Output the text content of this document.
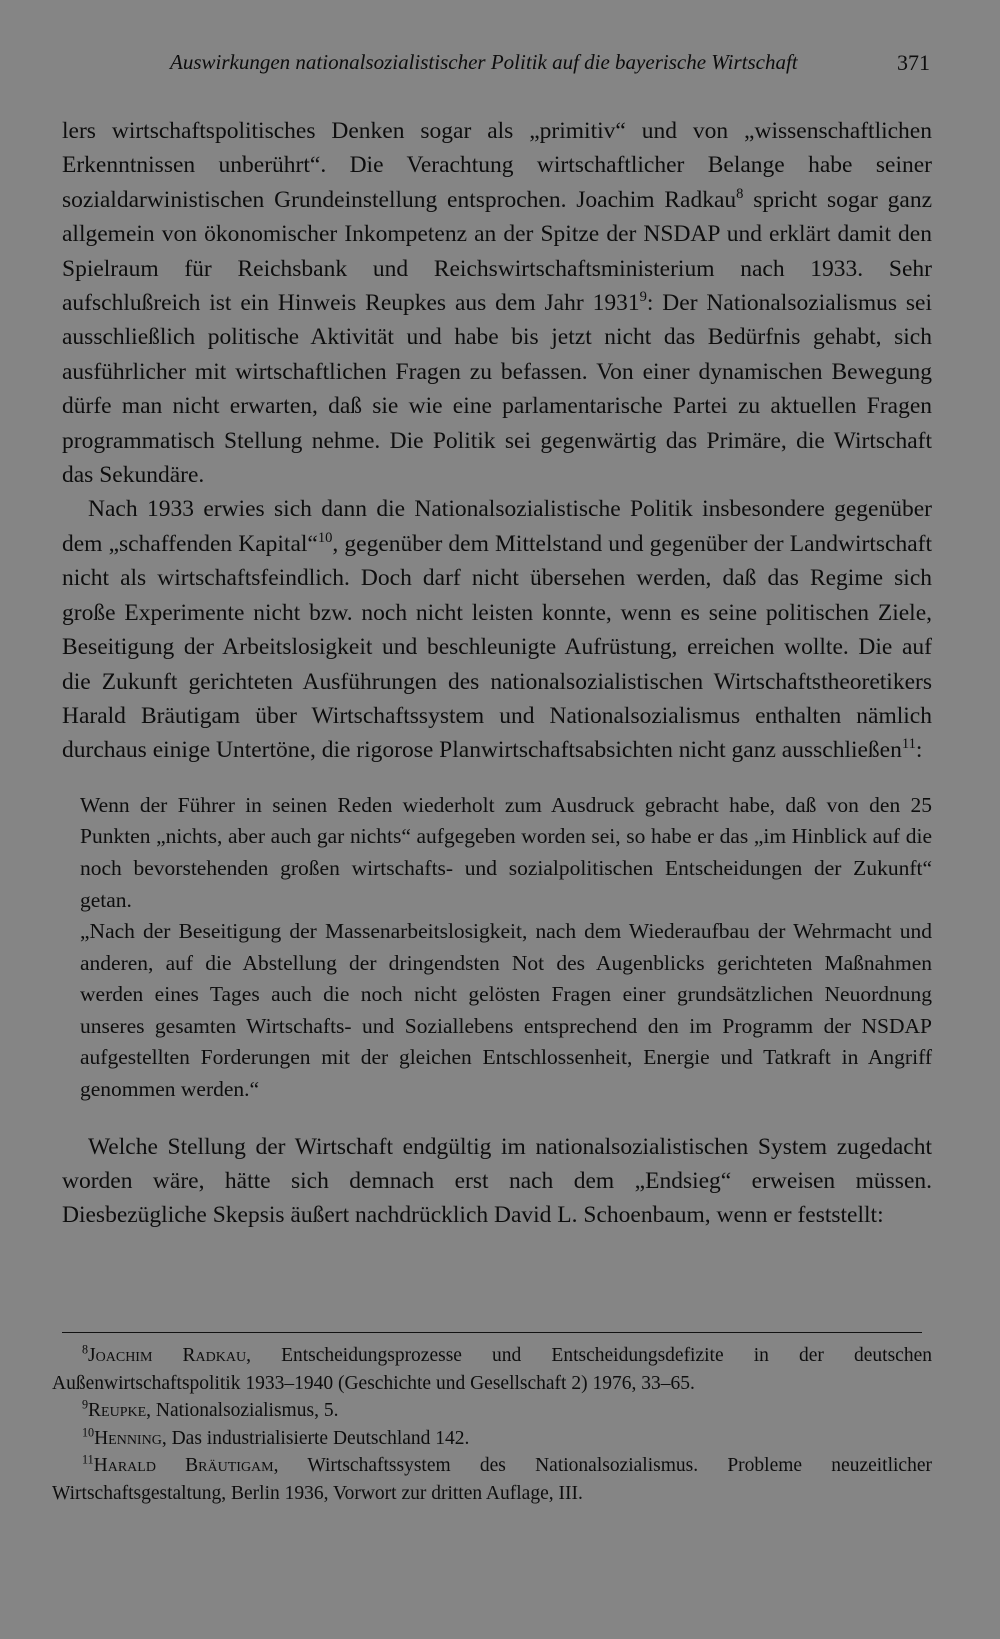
Auswirkungen nationalsozialistischer Politik auf die bayerische Wirtschaft	371

lers wirtschaftspolitisches Denken sogar als „primitiv“ und von „wissenschaftlichen Erkenntnissen unberührt“. Die Verachtung wirtschaftlicher Belange habe seiner sozialdarwinistischen Grundeinstellung entsprochen. Joachim Radkau$^8$ spricht sogar ganz allgemein von ökonomischer Inkompetenz an der Spitze der NSDAP und erklärt damit den Spielraum für Reichsbank und Reichswirtschaftsministerium nach 1933. Sehr aufschlußreich ist ein Hinweis Reupkes aus dem Jahr 1931$^9$: Der Nationalsozialismus sei ausschließlich politische Aktivität und habe bis jetzt nicht das Bedürfnis gehabt, sich ausführlicher mit wirtschaftlichen Fragen zu befassen. Von einer dynamischen Bewegung dürfe man nicht erwarten, daß sie wie eine parlamentarische Partei zu aktuellen Fragen programmatisch Stellung nehme. Die Politik sei gegenwärtig das Primäre, die Wirtschaft das Sekundäre.

Nach 1933 erwies sich dann die Nationalsozialistische Politik insbesondere gegenüber dem „schaffenden Kapital“$^{10}$, gegenüber dem Mittelstand und gegenüber der Landwirtschaft nicht als wirtschaftsfeindlich. Doch darf nicht übersehen werden, daß das Regime sich große Experimente nicht bzw. noch nicht leisten konnte, wenn es seine politischen Ziele, Beseitigung der Arbeitslosigkeit und beschleunigte Aufrüstung, erreichen wollte. Die auf die Zukunft gerichteten Ausführungen des nationalsozialistischen Wirtschaftstheoretikers Harald Bräutigam über Wirtschaftssystem und Nationalsozialismus enthalten nämlich durchaus einige Untertöne, die rigorose Planwirtschaftsabsichten nicht ganz ausschließen$^{11}$:

Wenn der Führer in seinen Reden wiederholt zum Ausdruck gebracht habe, daß von den 25 Punkten „nichts, aber auch gar nichts“ aufgegeben worden sei, so habe er das „im Hinblick auf die noch bevorstehenden großen wirtschafts- und sozialpolitischen Entscheidungen der Zukunft“ getan.

„Nach der Beseitigung der Massenarbeitslosigkeit, nach dem Wiederaufbau der Wehrmacht und anderen, auf die Abstellung der dringendsten Not des Augenblicks gerichteten Maßnahmen werden eines Tages auch die noch nicht gelösten Fragen einer grundsätzlichen Neuordnung unseres gesamten Wirtschafts- und Soziallebens entsprechend den im Programm der NSDAP aufgestellten Forderungen mit der gleichen Entschlossenheit, Energie und Tatkraft in Angriff genommen werden.“

Welche Stellung der Wirtschaft endgültig im nationalsozialistischen System zugedacht worden wäre, hätte sich demnach erst nach dem „Endsieg“ erweisen müssen. Diesbezügliche Skepsis äußert nachdrücklich David L. Schoenbaum, wenn er feststellt:

$^8$Joachim Radkau, Entscheidungsprozesse und Entscheidungsdefizite in der deutschen Außenwirtschaftspolitik 1933–1940 (Geschichte und Gesellschaft 2) 1976, 33–65.

$^9$Reupke, Nationalsozialismus, 5.

$^{10}$Henning, Das industrialisierte Deutschland 142.

$^{11}$Harald Bräutigam, Wirtschaftssystem des Nationalsozialismus. Probleme neuzeitlicher Wirtschaftsgestaltung, Berlin 1936, Vorwort zur dritten Auflage, III.
